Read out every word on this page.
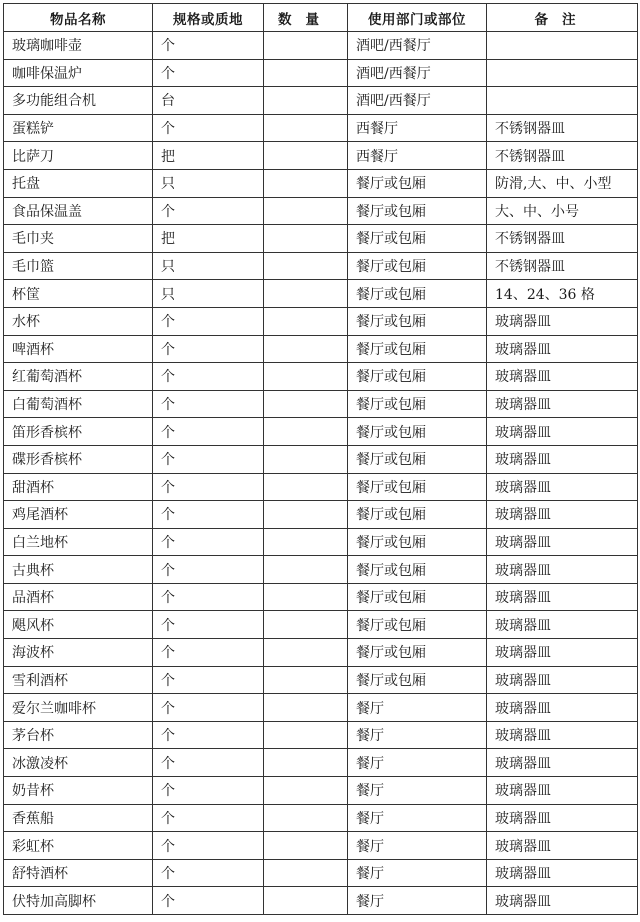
物品名称	规格或质地	数量	使用部门或部位	备注
玻璃咖啡壶	个		酒吧/西餐厅	
咖啡保温炉	个		酒吧/西餐厅	
多功能组合机	台		酒吧/西餐厅	
蛋糕铲	个		西餐厅	不锈钢器皿
比萨刀	把		西餐厅	不锈钢器皿
托盘	只		餐厅或包厢	防滑,大、中、小型
食品保温盖	个		餐厅或包厢	大、中、小号
毛巾夹	把		餐厅或包厢	不锈钢器皿
毛巾篮	只		餐厅或包厢	不锈钢器皿
杯筐	只		餐厅或包厢	14、24、36 格
水杯	个		餐厅或包厢	玻璃器皿
啤酒杯	个		餐厅或包厢	玻璃器皿
红葡萄酒杯	个		餐厅或包厢	玻璃器皿
白葡萄酒杯	个		餐厅或包厢	玻璃器皿
笛形香槟杯	个		餐厅或包厢	玻璃器皿
碟形香槟杯	个		餐厅或包厢	玻璃器皿
甜酒杯	个		餐厅或包厢	玻璃器皿
鸡尾酒杯	个		餐厅或包厢	玻璃器皿
白兰地杯	个		餐厅或包厢	玻璃器皿
古典杯	个		餐厅或包厢	玻璃器皿
品酒杯	个		餐厅或包厢	玻璃器皿
飓风杯	个		餐厅或包厢	玻璃器皿
海波杯	个		餐厅或包厢	玻璃器皿
雪利酒杯	个		餐厅或包厢	玻璃器皿
爱尔兰咖啡杯	个		餐厅	玻璃器皿
茅台杯	个		餐厅	玻璃器皿
冰激凌杯	个		餐厅	玻璃器皿
奶昔杯	个		餐厅	玻璃器皿
香蕉船	个		餐厅	玻璃器皿
彩虹杯	个		餐厅	玻璃器皿
舒特酒杯	个		餐厅	玻璃器皿
伏特加高脚杯	个		餐厅	玻璃器皿
